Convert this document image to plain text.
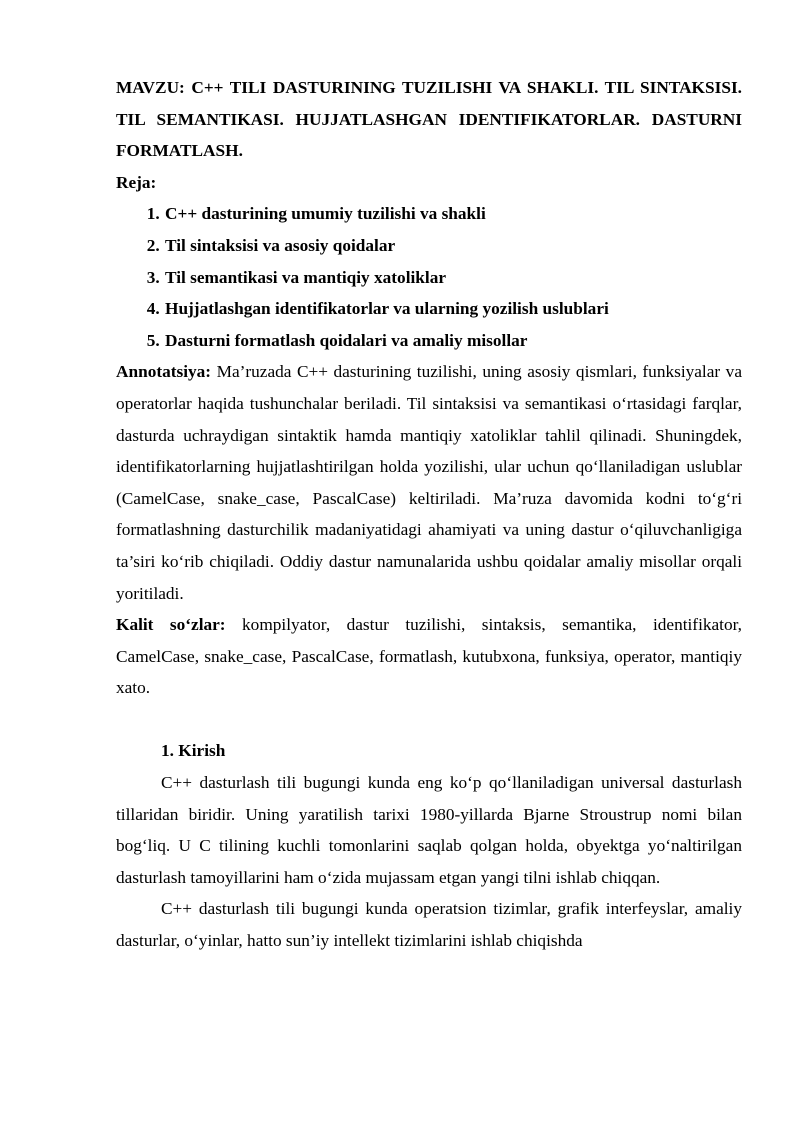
MAVZU: C++ TILI DASTURINING TUZILISHI VA SHAKLI. TIL SINTAKSISI. TIL SEMANTIKASI. HUJJATLASHGAN IDENTIFIKATORLAR. DASTURNI FORMATLASH.

Reja:

1. C++ dasturining umumiy tuzilishi va shakli
2. Til sintaksisi va asosiy qoidalar
3. Til semantikasi va mantiqiy xatoliklar
4. Hujjatlashgan identifikatorlar va ularning yozilish uslublari
5. Dasturni formatlash qoidalari va amaliy misollar

Annotatsiya: Ma’ruzada C++ dasturining tuzilishi, uning asosiy qismlari, funksiyalar va operatorlar haqida tushunchalar beriladi. Til sintaksisi va semantikasi o‘rtasidagi farqlar, dasturda uchraydigan sintaktik hamda mantiqiy xatoliklar tahlil qilinadi. Shuningdek, identifikatorlarning hujjatlashtirilgan holda yozilishi, ular uchun qo‘llaniladigan uslublar (CamelCase, snake_case, PascalCase) keltiriladi. Ma’ruza davomida kodni to‘g‘ri formatlashning dasturchilik madaniyatidagi ahamiyati va uning dastur o‘qiluvchanligiga ta’siri ko‘rib chiqiladi. Oddiy dastur namunalarida ushbu qoidalar amaliy misollar orqali yoritiladi.

Kalit so‘zlar: kompilyator, dastur tuzilishi, sintaksis, semantika, identifikator, CamelCase, snake_case, PascalCase, formatlash, kutubxona, funksiya, operator, mantiqiy xato.

1. Kirish

C++ dasturlash tili bugungi kunda eng ko‘p qo‘llaniladigan universal dasturlash tillaridan biridir. Uning yaratilish tarixi 1980-yillarda Bjarne Stroustrup nomi bilan bog‘liq. U C tilining kuchli tomonlarini saqlab qolgan holda, obyektga yo‘naltirilgan dasturlash tamoyillarini ham o‘zida mujassam etgan yangi tilni ishlab chiqqan.

C++ dasturlash tili bugungi kunda operatsion tizimlar, grafik interfeyslar, amaliy dasturlar, o‘yinlar, hatto sun’iy intellekt tizimlarini ishlab chiqishda
